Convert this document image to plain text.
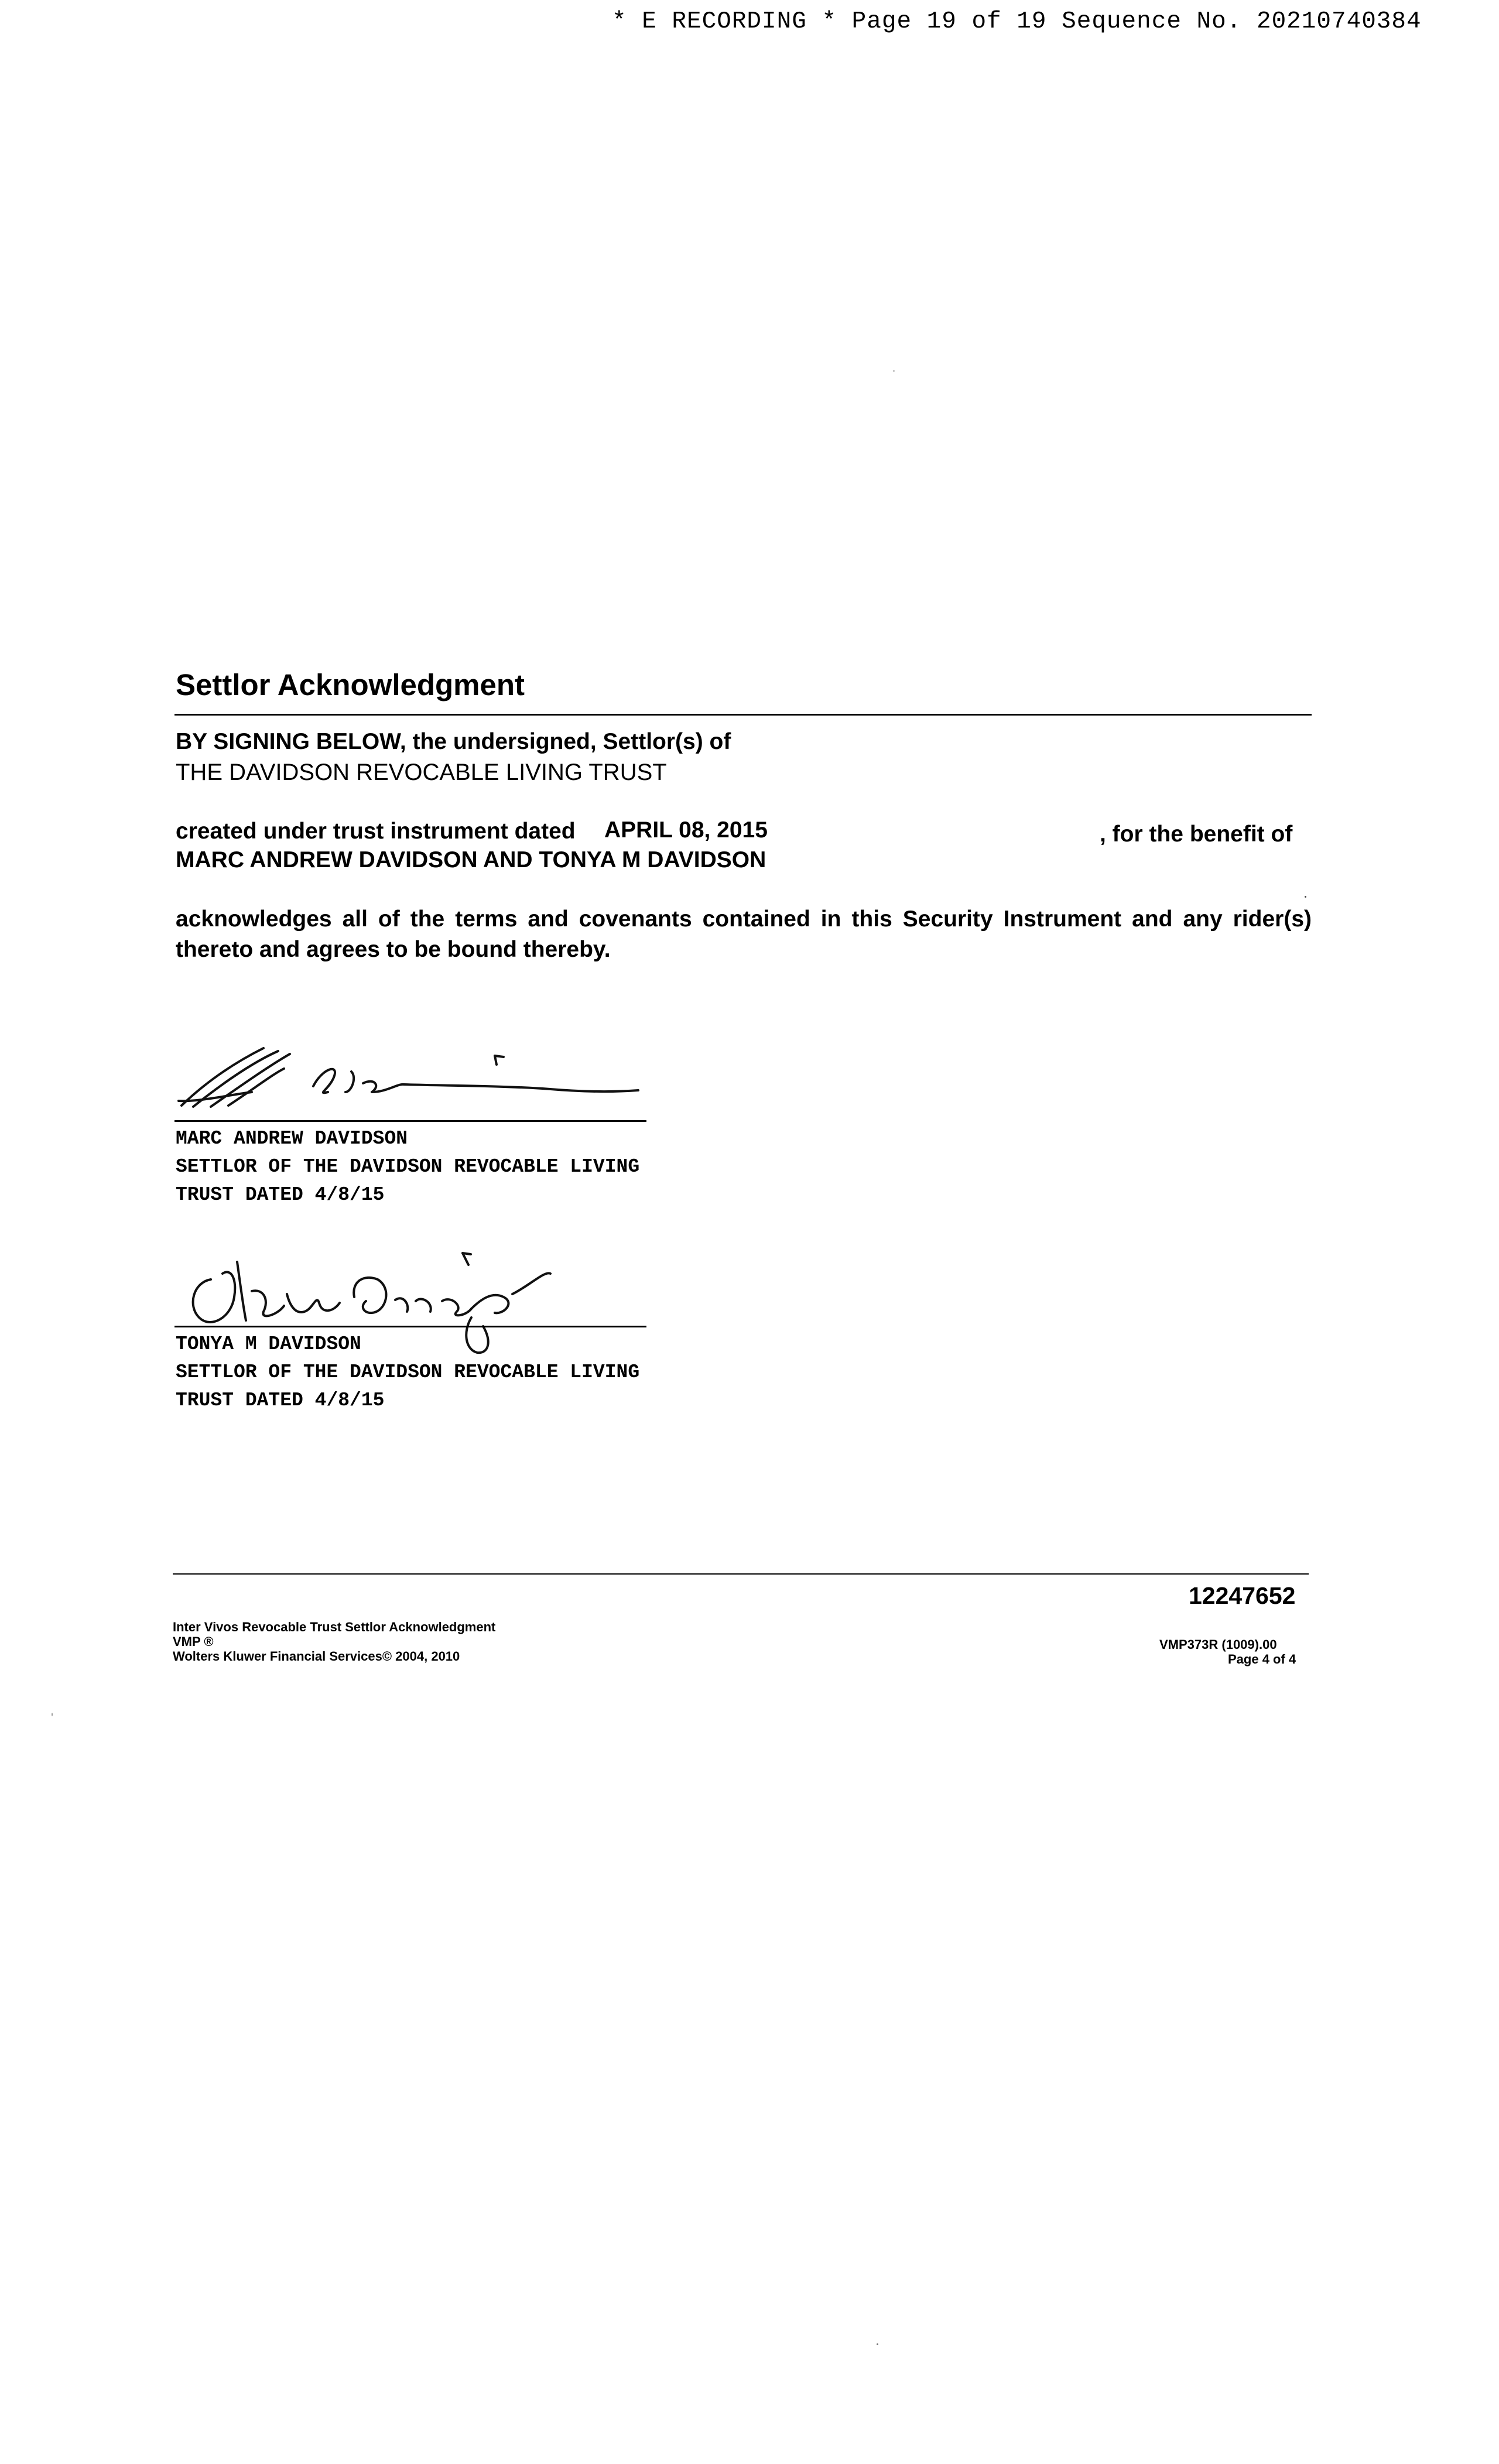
* E RECORDING * Page 19 of 19 Sequence No. 20210740384
Settlor Acknowledgment
BY SIGNING BELOW, the undersigned, Settlor(s) of
THE DAVIDSON REVOCABLE LIVING TRUST
created under trust instrument dated APRIL 08, 2015	, for the benefit of
MARC ANDREW DAVIDSON AND TONYA M DAVIDSON
acknowledges all of the terms and covenants contained in this Security Instrument and any rider(s)
thereto and agrees to be bound thereby.
MARC ANDREW DAVIDSON
SETTLOR OF THE DAVIDSON REVOCABLE LIVING
TRUST DATED 4/8/15
TONYA M DAVIDSON
SETTLOR OF THE DAVIDSON REVOCABLE LIVING
TRUST DATED 4/8/15
12247652
Inter Vivos Revocable Trust Settlor Acknowledgment
VMP ®
Wolters Kluwer Financial Services© 2004, 2010
VMP373R (1009).00
Page 4 of 4
